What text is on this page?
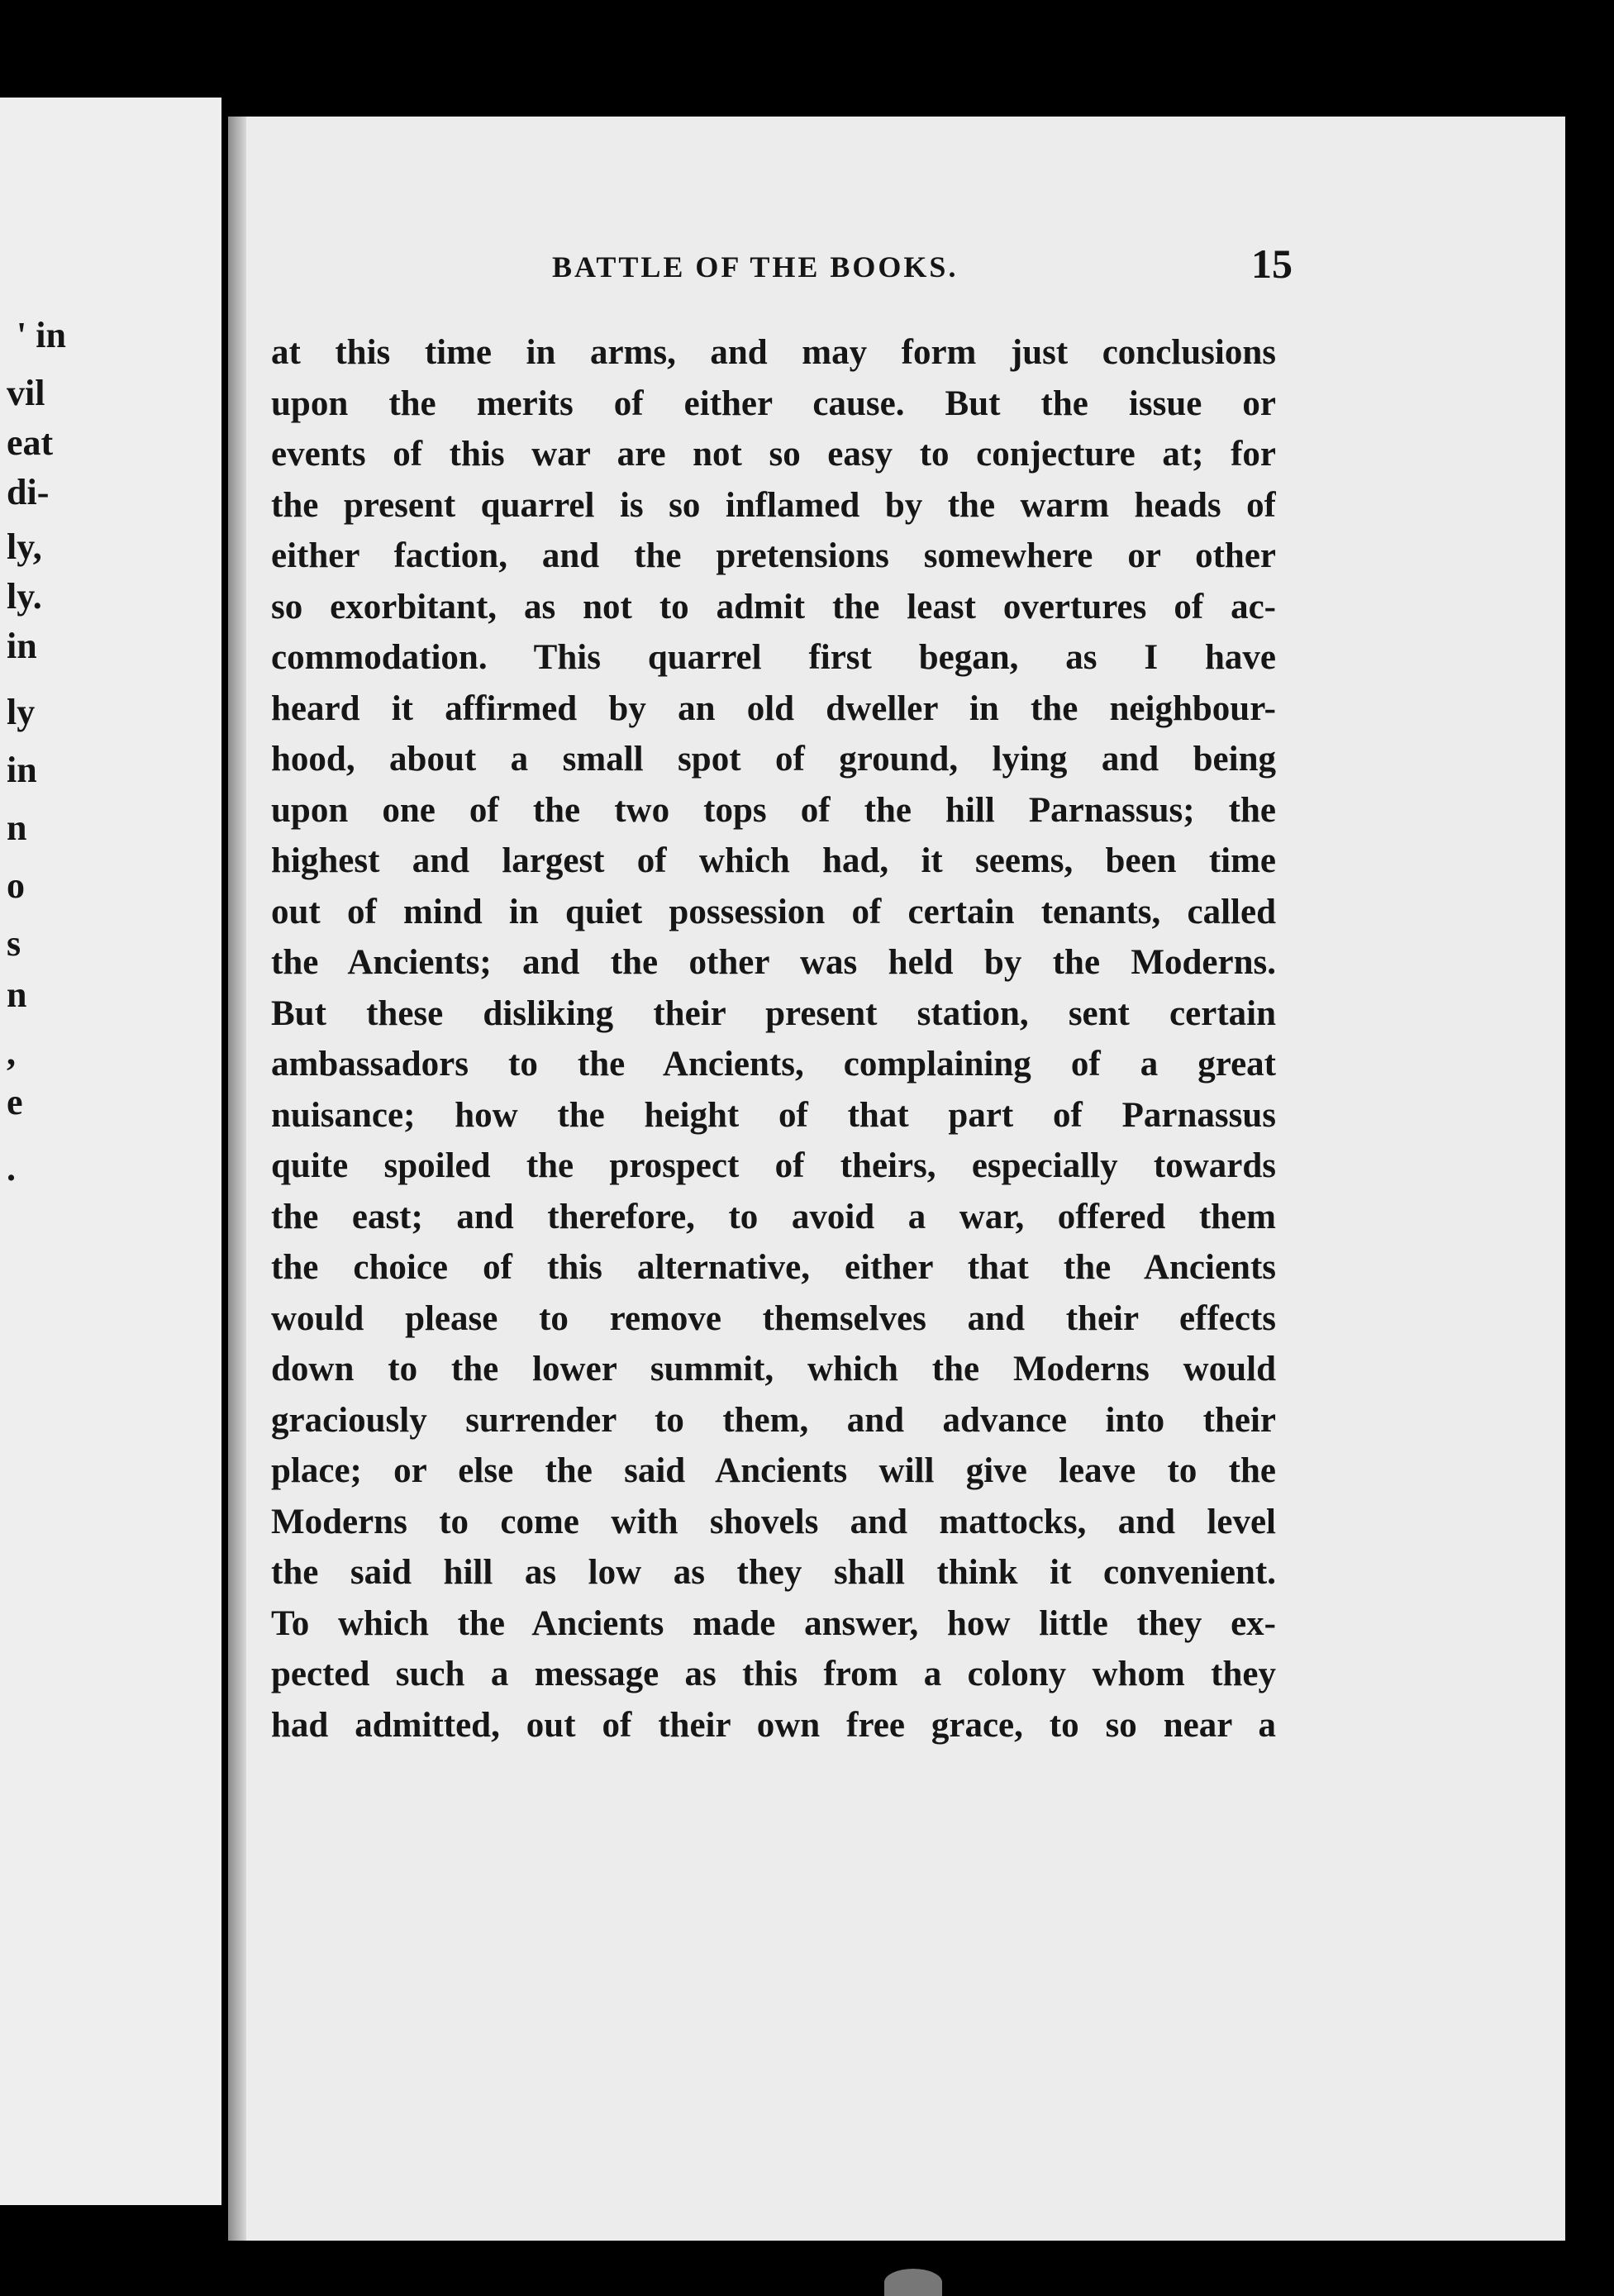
' in
vil
eat
di-
ly,
ly.
in
ly
in
n
o
s
n
,
e
.
BATTLE OF THE BOOKS.	15
at this time in arms, and may form just conclusions
upon the merits of either cause. But the issue or
events of this war are not so easy to conjecture at; for
the present quarrel is so inflamed by the warm heads of
either faction, and the pretensions somewhere or other
so exorbitant, as not to admit the least overtures of ac-
commodation. This quarrel first began, as I have
heard it affirmed by an old dweller in the neighbour-
hood, about a small spot of ground, lying and being
upon one of the two tops of the hill Parnassus; the
highest and largest of which had, it seems, been time
out of mind in quiet possession of certain tenants, called
the Ancients; and the other was held by the Moderns.
But these disliking their present station, sent certain
ambassadors to the Ancients, complaining of a great
nuisance; how the height of that part of Parnassus
quite spoiled the prospect of theirs, especially towards
the east; and therefore, to avoid a war, offered them
the choice of this alternative, either that the Ancients
would please to remove themselves and their effects
down to the lower summit, which the Moderns would
graciously surrender to them, and advance into their
place; or else the said Ancients will give leave to the
Moderns to come with shovels and mattocks, and level
the said hill as low as they shall think it convenient.
To which the Ancients made answer, how little they ex-
pected such a message as this from a colony whom they
had admitted, out of their own free grace, to so near a
